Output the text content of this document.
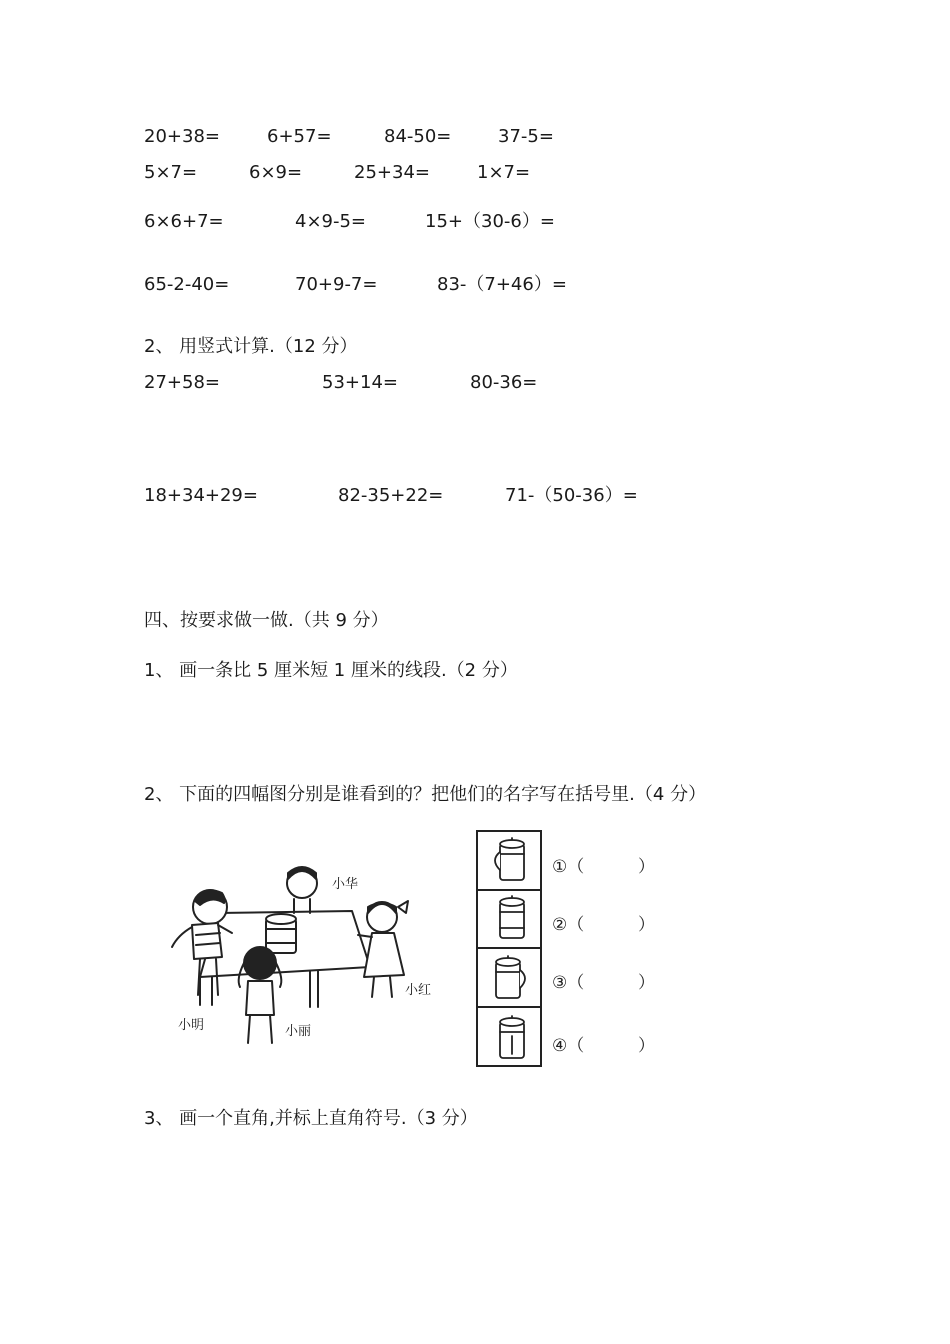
20+38=	6+57=	84-50=	37-5=
5×7=	6×9=	25+34=	1×7=
6×6+7=	4×9-5=	15+（30-6）=
65-2-40=	70+9-7=	83-（7+46）=
2、 用竖式计算.（12 分）
27+58=	53+14=	80-36=
18+34+29=	82-35+22=	71-（50-36）=
四、按要求做一做.（共 9 分）
1、 画一条比 5 厘米短 1 厘米的线段.（2 分）
2、 下面的四幅图分别是谁看到的？把他们的名字写在括号里.（4 分）
小华
小红
小明	小丽
①（	）
②（	）
③（	）
④（	）
3、 画一个直角,并标上直角符号.（3 分）
